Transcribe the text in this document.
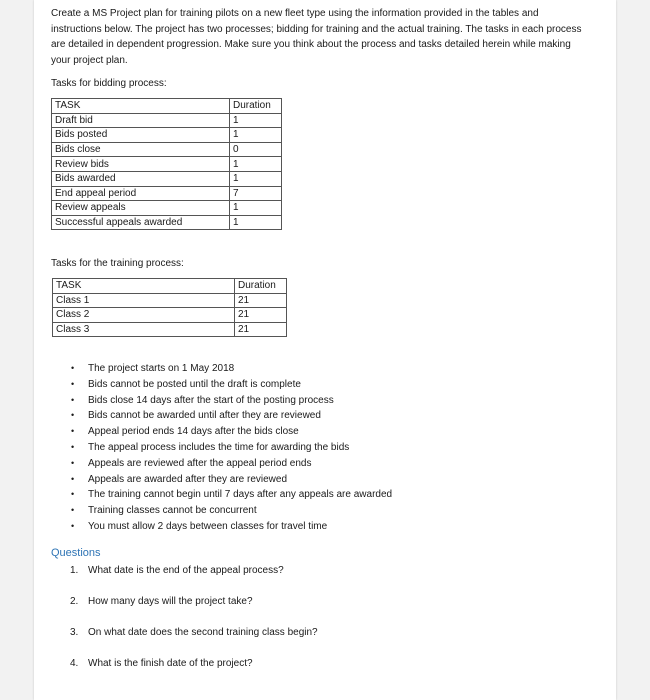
Create a MS Project plan for training pilots on a new fleet type using the information provided in the tables and instructions below. The project has two processes; bidding for training and the actual training. The tasks in each process are detailed in dependent progression. Make sure you think about the process and tasks detailed herein while making your project plan.

Tasks for bidding process:

TASK	Duration
Draft bid	1
Bids posted	1
Bids close	0
Review bids	1
Bids awarded	1
End appeal period	7
Review appeals	1
Successful appeals awarded	1

Tasks for the training process:

TASK	Duration
Class 1	21
Class 2	21
Class 3	21
• The project starts on 1 May 2018
• Bids cannot be posted until the draft is complete
• Bids close 14 days after the start of the posting process
• Bids cannot be awarded until after they are reviewed
• Appeal period ends 14 days after the bids close
• The appeal process includes the time for awarding the bids
• Appeals are reviewed after the appeal period ends
• Appeals are awarded after they are reviewed
• The training cannot begin until 7 days after any appeals are awarded
• Training classes cannot be concurrent
• You must allow 2 days between classes for travel time

Questions

1. What date is the end of the appeal process?
2. How many days will the project take?
3. On what date does the second training class begin?
4. What is the finish date of the project?
